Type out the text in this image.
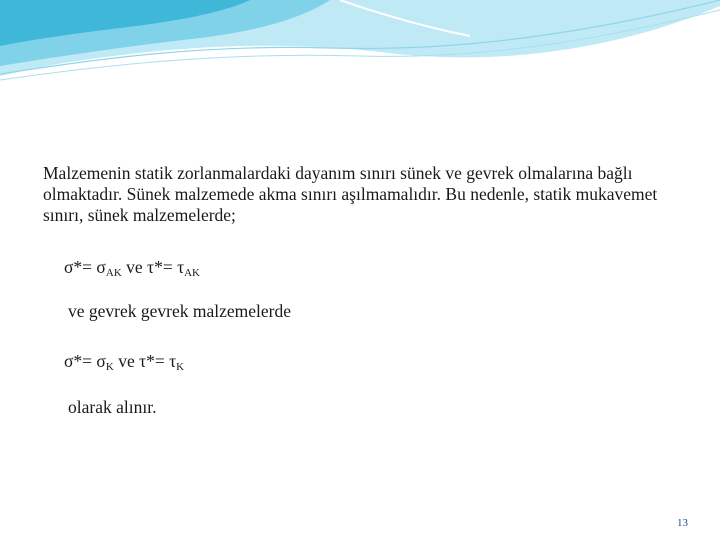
Malzemenin statik zorlanmalardaki dayanım sınırı sünek ve gevrek olmalarına bağlı olmaktadır. Sünek malzemede akma sınırı aşılmamalıdır. Bu nedenle, statik mukavemet sınırı, sünek malzemelerde;

$\sigma*= \sigma_{AK}$ ve $\tau*= \tau_{AK}$
ve gevrek gevrek malzemelerde
$\sigma*= \sigma_K$ ve $\tau*= \tau_K$
olarak alınır.
13
